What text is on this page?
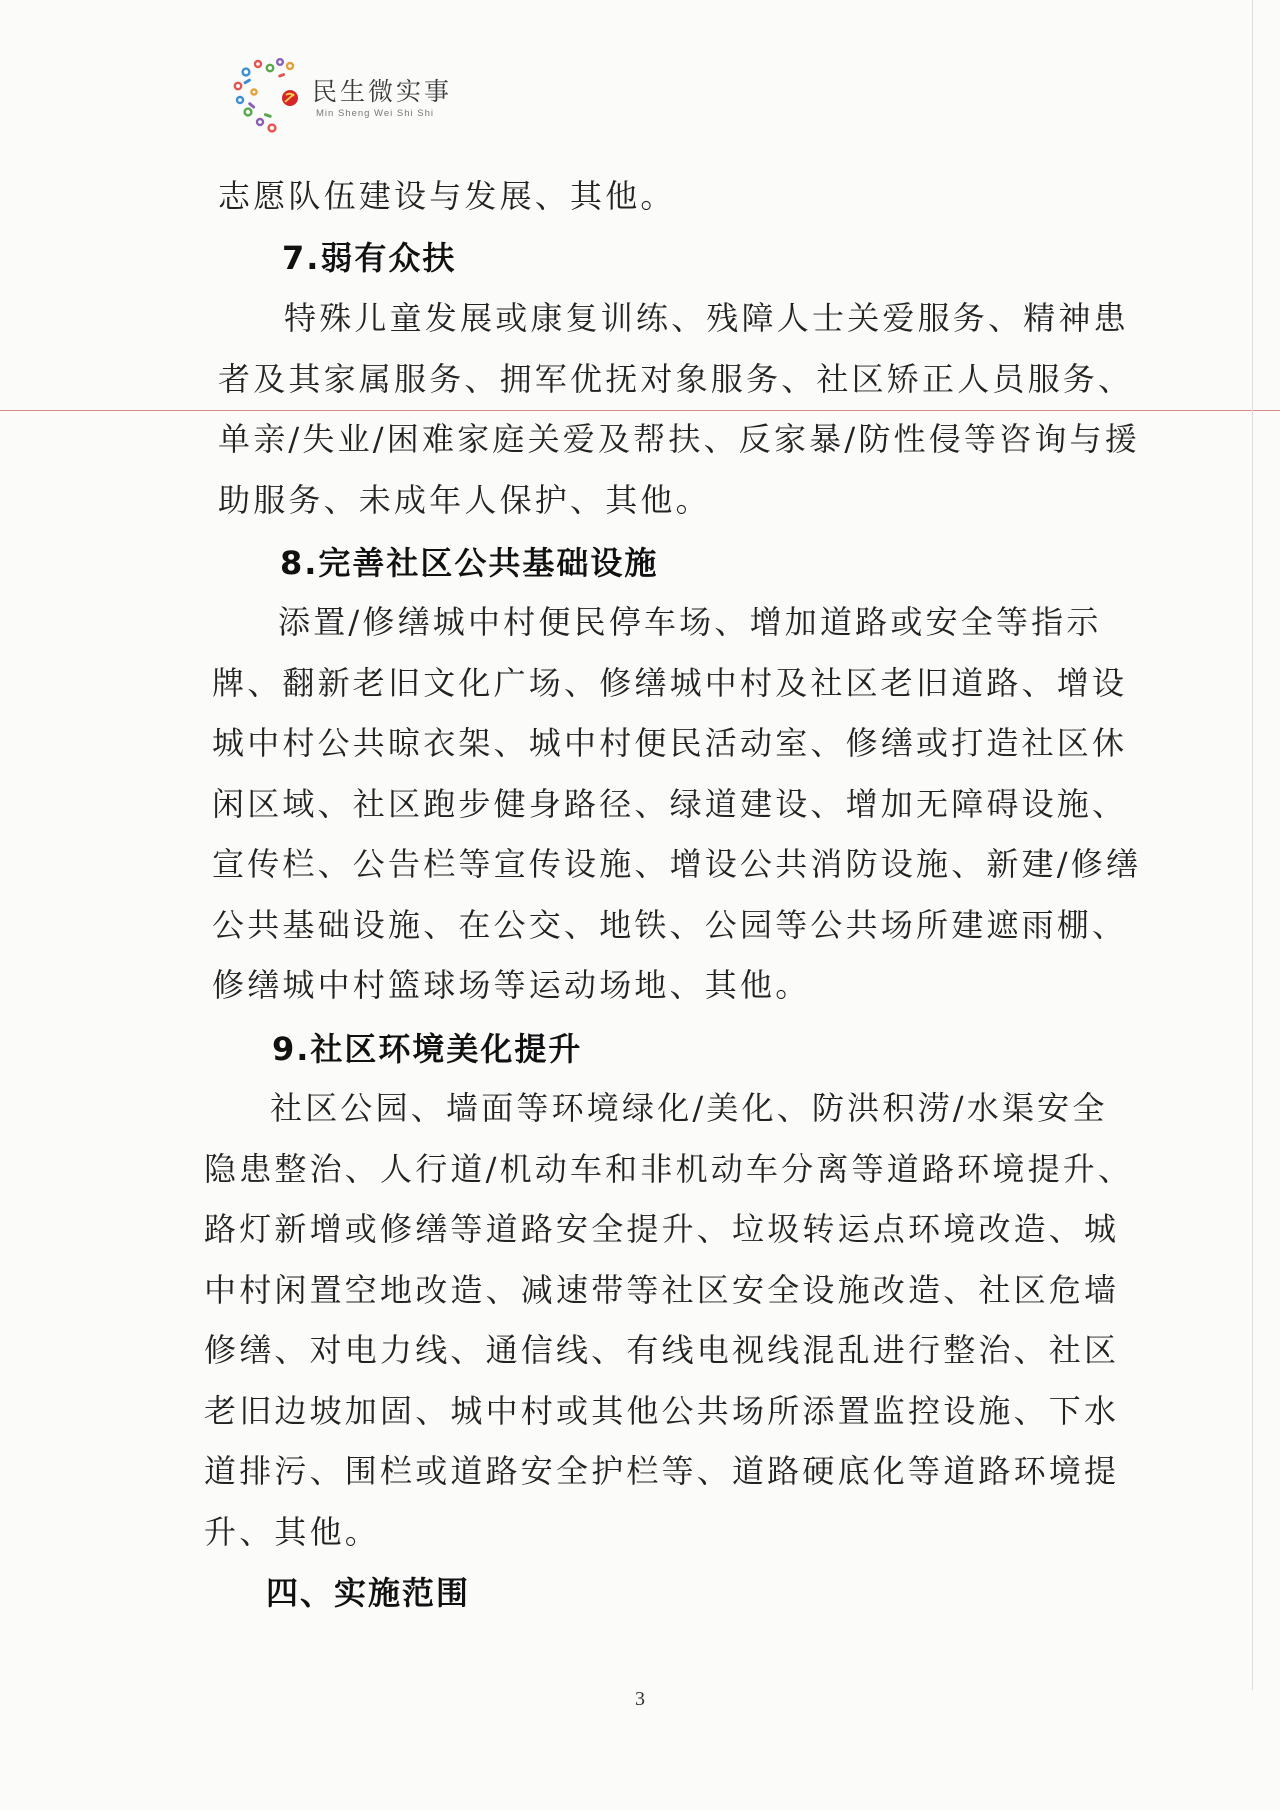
民生微实事
Min Sheng Wei Shi Shi

志愿队伍建设与发展、其他。

7.弱有众扶

特殊儿童发展或康复训练、残障人士关爱服务、精神患
者及其家属服务、拥军优抚对象服务、社区矫正人员服务、
单亲/失业/困难家庭关爱及帮扶、反家暴/防性侵等咨询与援
助服务、未成年人保护、其他。

8.完善社区公共基础设施

添置/修缮城中村便民停车场、增加道路或安全等指示
牌、翻新老旧文化广场、修缮城中村及社区老旧道路、增设
城中村公共晾衣架、城中村便民活动室、修缮或打造社区休
闲区域、社区跑步健身路径、绿道建设、增加无障碍设施、
宣传栏、公告栏等宣传设施、增设公共消防设施、新建/修缮
公共基础设施、在公交、地铁、公园等公共场所建遮雨棚、
修缮城中村篮球场等运动场地、其他。

9.社区环境美化提升

社区公园、墙面等环境绿化/美化、防洪积涝/水渠安全
隐患整治、人行道/机动车和非机动车分离等道路环境提升、
路灯新增或修缮等道路安全提升、垃圾转运点环境改造、城
中村闲置空地改造、减速带等社区安全设施改造、社区危墙
修缮、对电力线、通信线、有线电视线混乱进行整治、社区
老旧边坡加固、城中村或其他公共场所添置监控设施、下水
道排污、围栏或道路安全护栏等、道路硬底化等道路环境提
升、其他。

四、实施范围
3
